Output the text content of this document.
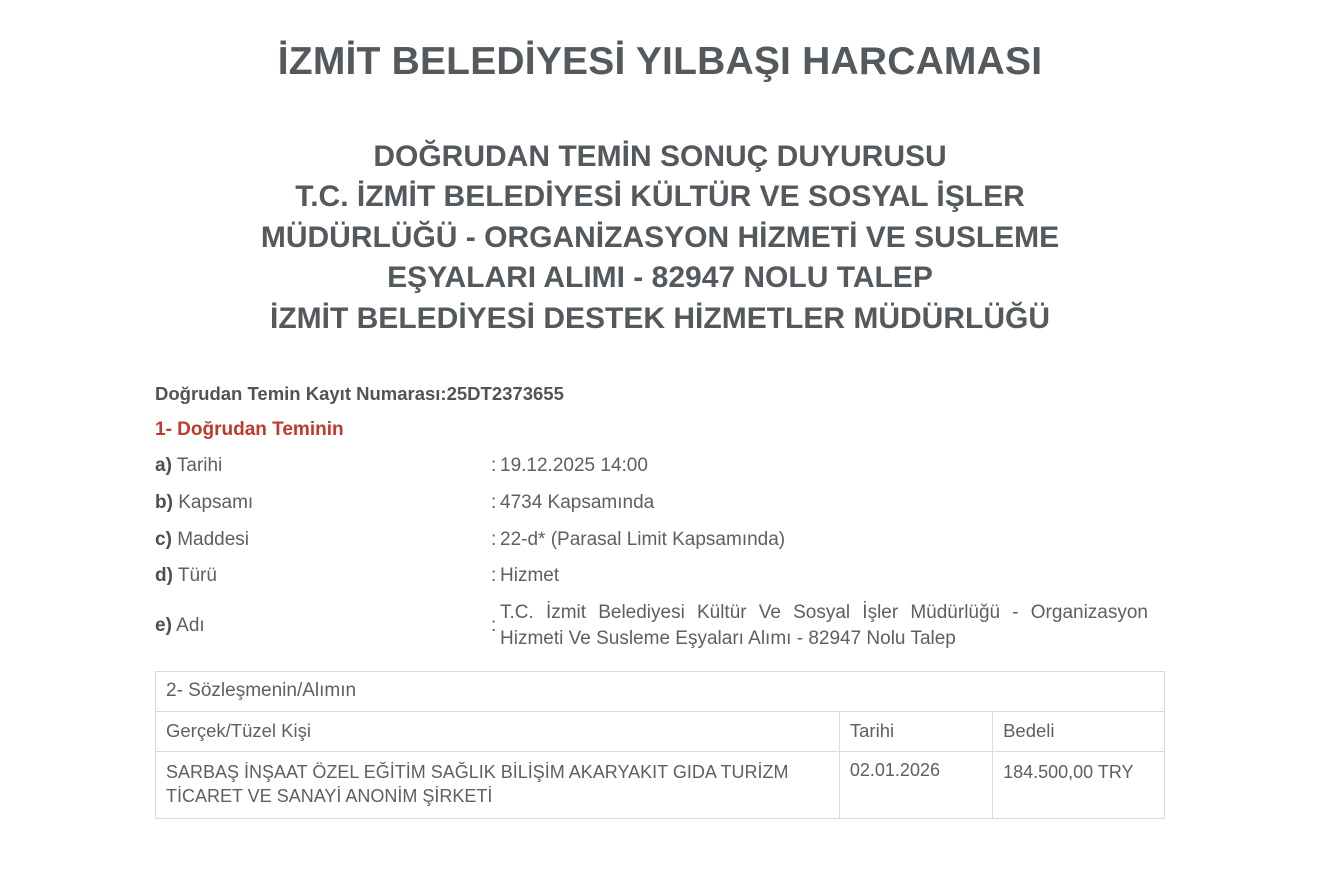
İZMİT BELEDİYESİ YILBAŞI HARCAMASI
DOĞRUDAN TEMİN SONUÇ DUYURUSU
T.C. İZMİT BELEDİYESİ KÜLTÜR VE SOSYAL İŞLER
MÜDÜRLÜĞÜ - ORGANİZASYON HİZMETİ VE SUSLEME
EŞYALARI ALIMI - 82947 NOLU TALEP
İZMİT BELEDİYESİ DESTEK HİZMETLER MÜDÜRLÜĞÜ
Doğrudan Temin Kayıt Numarası:25DT2373655
1- Doğrudan Teminin
a) Tarihi	: 19.12.2025 14:00
b) Kapsamı	: 4734 Kapsamında
c) Maddesi	: 22-d* (Parasal Limit Kapsamında)
d) Türü	: Hizmet
e) Adı	:
T.C. İzmit Belediyesi Kültür Ve Sosyal İşler Müdürlüğü - Organizasyon Hizmeti Ve Susleme Eşyaları Alımı - 82947 Nolu Talep
2- Sözleşmenin/Alımın		
Gerçek/Tüzel Kişi	Tarihi	Bedeli
SARBAŞ İNŞAAT ÖZEL EĞİTİM SAĞLIK BİLİŞİM AKARYAKIT GIDA TURİZM TİCARET VE SANAYİ ANONİM ŞİRKETİ	02.01.2026	184.500,00 TRY
